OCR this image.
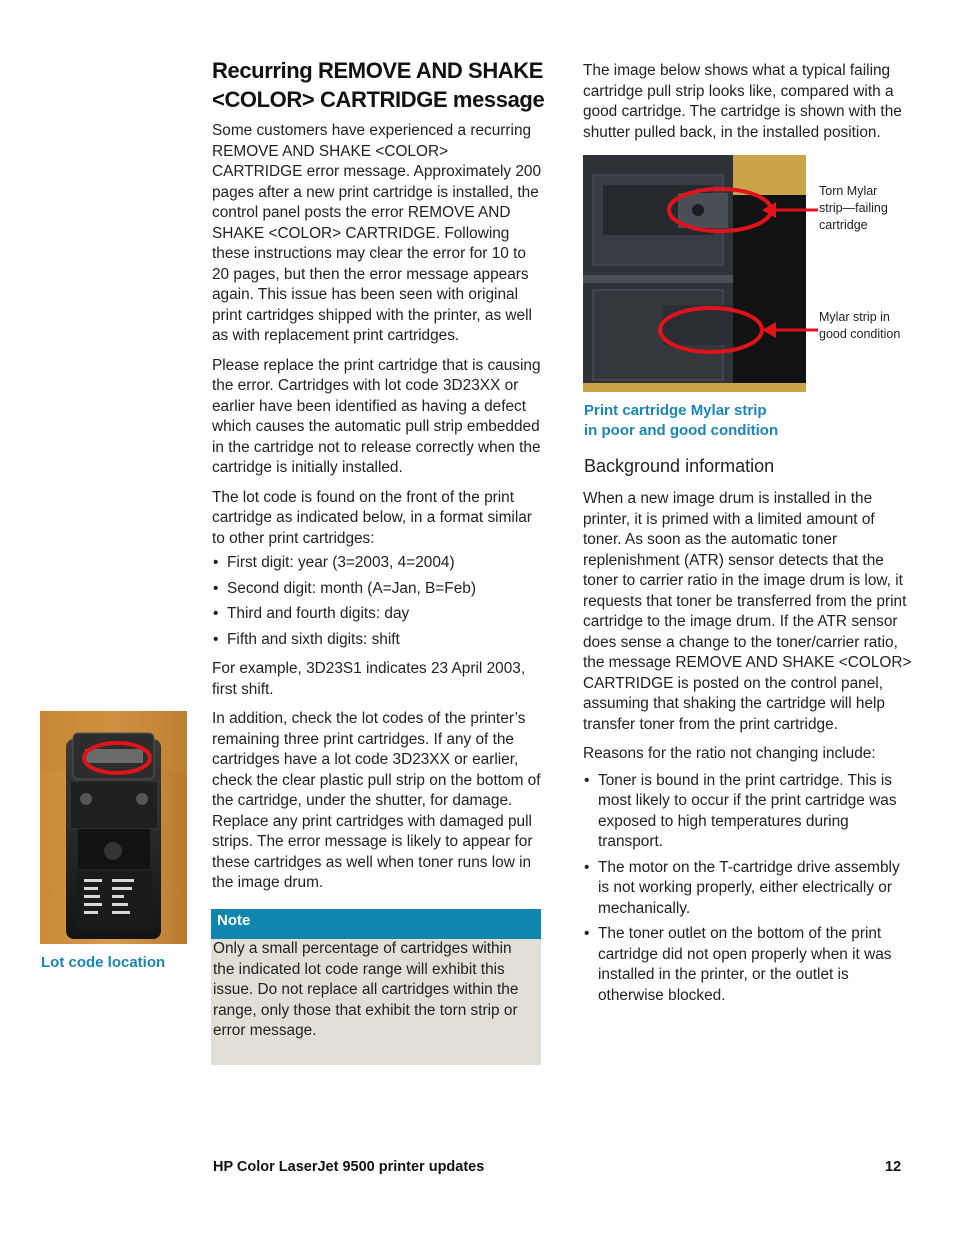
Recurring REMOVE AND SHAKE <COLOR> CARTRIDGE message

Some customers have experienced a recurring REMOVE AND SHAKE <COLOR> CARTRIDGE error message. Approximately 200 pages after a new print cartridge is installed, the control panel posts the error REMOVE AND SHAKE <COLOR> CARTRIDGE. Following these instructions may clear the error for 10 to 20 pages, but then the error message appears again. This issue has been seen with original print cartridges shipped with the printer, as well as with replacement print cartridges.

Please replace the print cartridge that is causing the error. Cartridges with lot code 3D23XX or earlier have been identified as having a defect which causes the automatic pull strip embedded in the cartridge not to release correctly when the cartridge is initially installed.

The lot code is found on the front of the print cartridge as indicated below, in a format similar to other print cartridges:

• First digit: year (3=2003, 4=2004)
• Second digit: month (A=Jan, B=Feb)
• Third and fourth digits: day
• Fifth and sixth digits: shift

For example, 3D23S1 indicates 23 April 2003, first shift.

In addition, check the lot codes of the printer’s remaining three print cartridges. If any of the cartridges have a lot code 3D23XX or earlier, check the clear plastic pull strip on the bottom of the cartridge, under the shutter, for damage. Replace any print cartridges with damaged pull strips. The error message is likely to appear for these cartridges as well when toner runs low in the image drum.

Note

Only a small percentage of cartridges within the indicated lot code range will exhibit this issue. Do not replace all cartridges within the range, only those that exhibit the torn strip or error message.

Lot code location

The image below shows what a typical failing cartridge pull strip looks like, compared with a good cartridge. The cartridge is shown with the shutter pulled back, in the installed position.

Torn Mylar strip—failing cartridge
Mylar strip in good condition
Print cartridge Mylar strip in poor and good condition
Background information

When a new image drum is installed in the printer, it is primed with a limited amount of toner. As soon as the automatic toner replenishment (ATR) sensor detects that the toner to carrier ratio in the image drum is low, it requests that toner be transferred from the print cartridge to the image drum. If the ATR sensor does sense a change to the toner/carrier ratio, the message REMOVE AND SHAKE <COLOR> CARTRIDGE is posted on the control panel, assuming that shaking the cartridge will help transfer toner from the print cartridge.

Reasons for the ratio not changing include:

• Toner is bound in the print cartridge. This is most likely to occur if the print cartridge was exposed to high temperatures during transport.
• The motor on the T-cartridge drive assembly is not working properly, either electrically or mechanically.
• The toner outlet on the bottom of the print cartridge did not open properly when it was installed in the printer, or the outlet is otherwise blocked.
HP Color LaserJet 9500 printer updates	12
